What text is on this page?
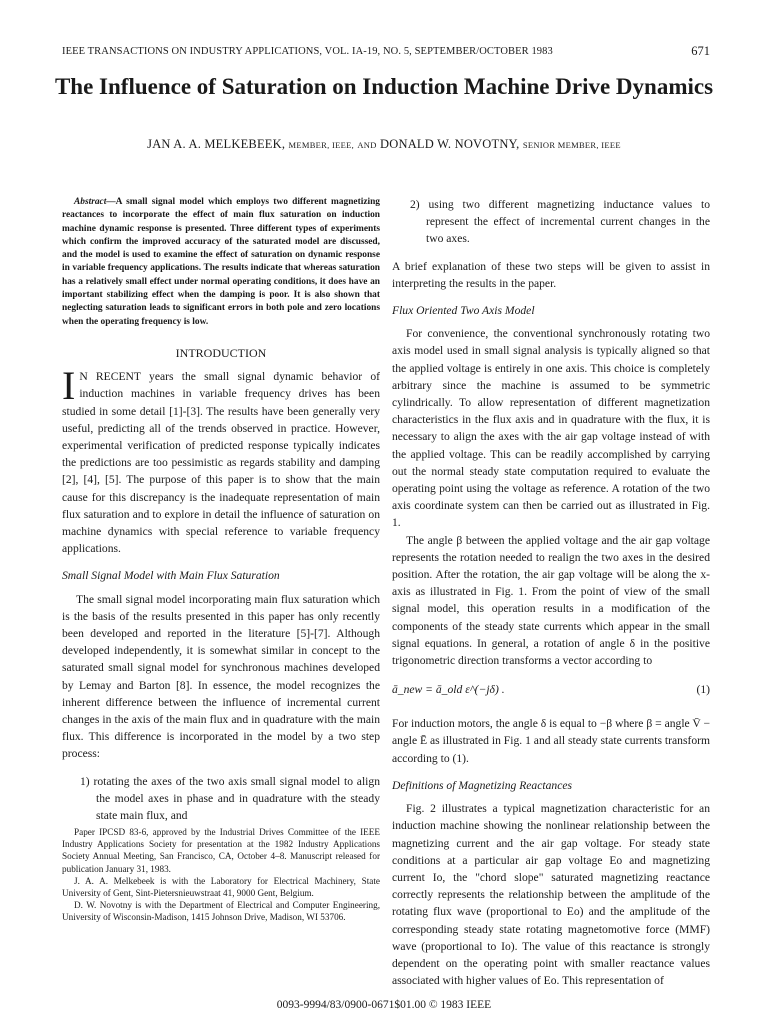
IEEE TRANSACTIONS ON INDUSTRY APPLICATIONS, VOL. IA-19, NO. 5, SEPTEMBER/OCTOBER 1983	671
The Influence of Saturation on Induction Machine Drive Dynamics
JAN A. A. MELKEBEEK, MEMBER, IEEE, AND DONALD W. NOVOTNY, SENIOR MEMBER, IEEE

Abstract—A small signal model which employs two different magnetizing reactances to incorporate the effect of main flux saturation on induction machine dynamic response is presented. Three different types of experiments which confirm the improved accuracy of the saturated model are discussed, and the model is used to examine the effect of saturation on dynamic response in variable frequency applications. The results indicate that whereas saturation has a relatively small effect under normal operating conditions, it does have an important stabilizing effect when the damping is poor. It is also shown that neglecting saturation leads to significant errors in both pole and zero locations when the operating frequency is low.

INTRODUCTION

I N RECENT years the small signal dynamic behavior of induction machines in variable frequency drives has been studied in some detail [1]-[3]. The results have been generally very useful, predicting all of the trends observed in practice. However, experimental verification of predicted response typically indicates the predictions are too pessimistic as regards stability and damping [2], [4], [5]. The purpose of this paper is to show that the main cause for this discrepancy is the inadequate representation of main flux saturation and to explore in detail the influence of saturation on machine dynamics with special reference to variable frequency applications.

Small Signal Model with Main Flux Saturation

The small signal model incorporating main flux saturation which is the basis of the results presented in this paper has only recently been developed and reported in the literature [5]-[7]. Although developed independently, it is somewhat similar in concept to the saturated small signal model for synchronous machines developed by Lemay and Barton [8]. In essence, the model recognizes the inherent difference between the influence of incremental current changes in the axis of the main flux and in quadrature with the main flux. This difference is incorporated in the model by a two step process:

1) rotating the axes of the two axis small signal model to align the model axes in phase and in quadrature with the steady state main flux, and

Paper IPCSD 83-6, approved by the Industrial Drives Committee of the IEEE Industry Applications Society for presentation at the 1982 Industry Applications Society Annual Meeting, San Francisco, CA, October 4–8. Manuscript released for publication January 31, 1983.

J. A. A. Melkebeek is with the Laboratory for Electrical Machinery, State University of Gent, Sint-Pietersnieuwstraat 41, 9000 Gent, Belgium.

D. W. Novotny is with the Department of Electrical and Computer Engineering, University of Wisconsin-Madison, 1415 Johnson Drive, Madison, WI 53706.

2) using two different magnetizing inductance values to represent the effect of incremental current changes in the two axes.

A brief explanation of these two steps will be given to assist in interpreting the results in the paper.

Flux Oriented Two Axis Model

For convenience, the conventional synchronously rotating two axis model used in small signal analysis is typically aligned so that the applied voltage is entirely in one axis. This choice is completely arbitrary since the machine is assumed to be symmetric cylindrically. To allow representation of different magnetization characteristics in the flux axis and in quadrature with the flux, it is necessary to align the axes with the air gap voltage instead of with the applied voltage. This can be readily accomplished by carrying out the normal steady state computation required to evaluate the operating point using the voltage as reference. A rotation of the two axis coordinate system can then be carried out as illustrated in Fig. 1.

The angle β between the applied voltage and the air gap voltage represents the rotation needed to realign the two axes in the desired position. After the rotation, the air gap voltage will be along the x-axis as illustrated in Fig. 1. From the point of view of the small signal model, this operation results in a modification of the components of the steady state currents which appear in the small signal equations. In general, a rotation of angle δ in the positive trigonometric direction transforms a vector according to

ā_new = ā_old ε^(−jδ) .	(1)

For induction motors, the angle δ is equal to −β where β = angle V̄ − angle Ē as illustrated in Fig. 1 and all steady state currents transform according to (1).

Definitions of Magnetizing Reactances

Fig. 2 illustrates a typical magnetization characteristic for an induction machine showing the nonlinear relationship between the magnetizing current and the air gap voltage. For steady state conditions at a particular air gap voltage Eo and magnetizing current Io, the "chord slope" saturated magnetizing reactance correctly represents the relationship between the amplitude of the rotating flux wave (proportional to Eo) and the amplitude of the corresponding steady state rotating magnetomotive force (MMF) wave (proportional to Io). The value of this reactance is strongly dependent on the operating point with smaller reactance values associated with higher values of Eo. This representation of

0093-9994/83/0900-0671$01.00 © 1983 IEEE
